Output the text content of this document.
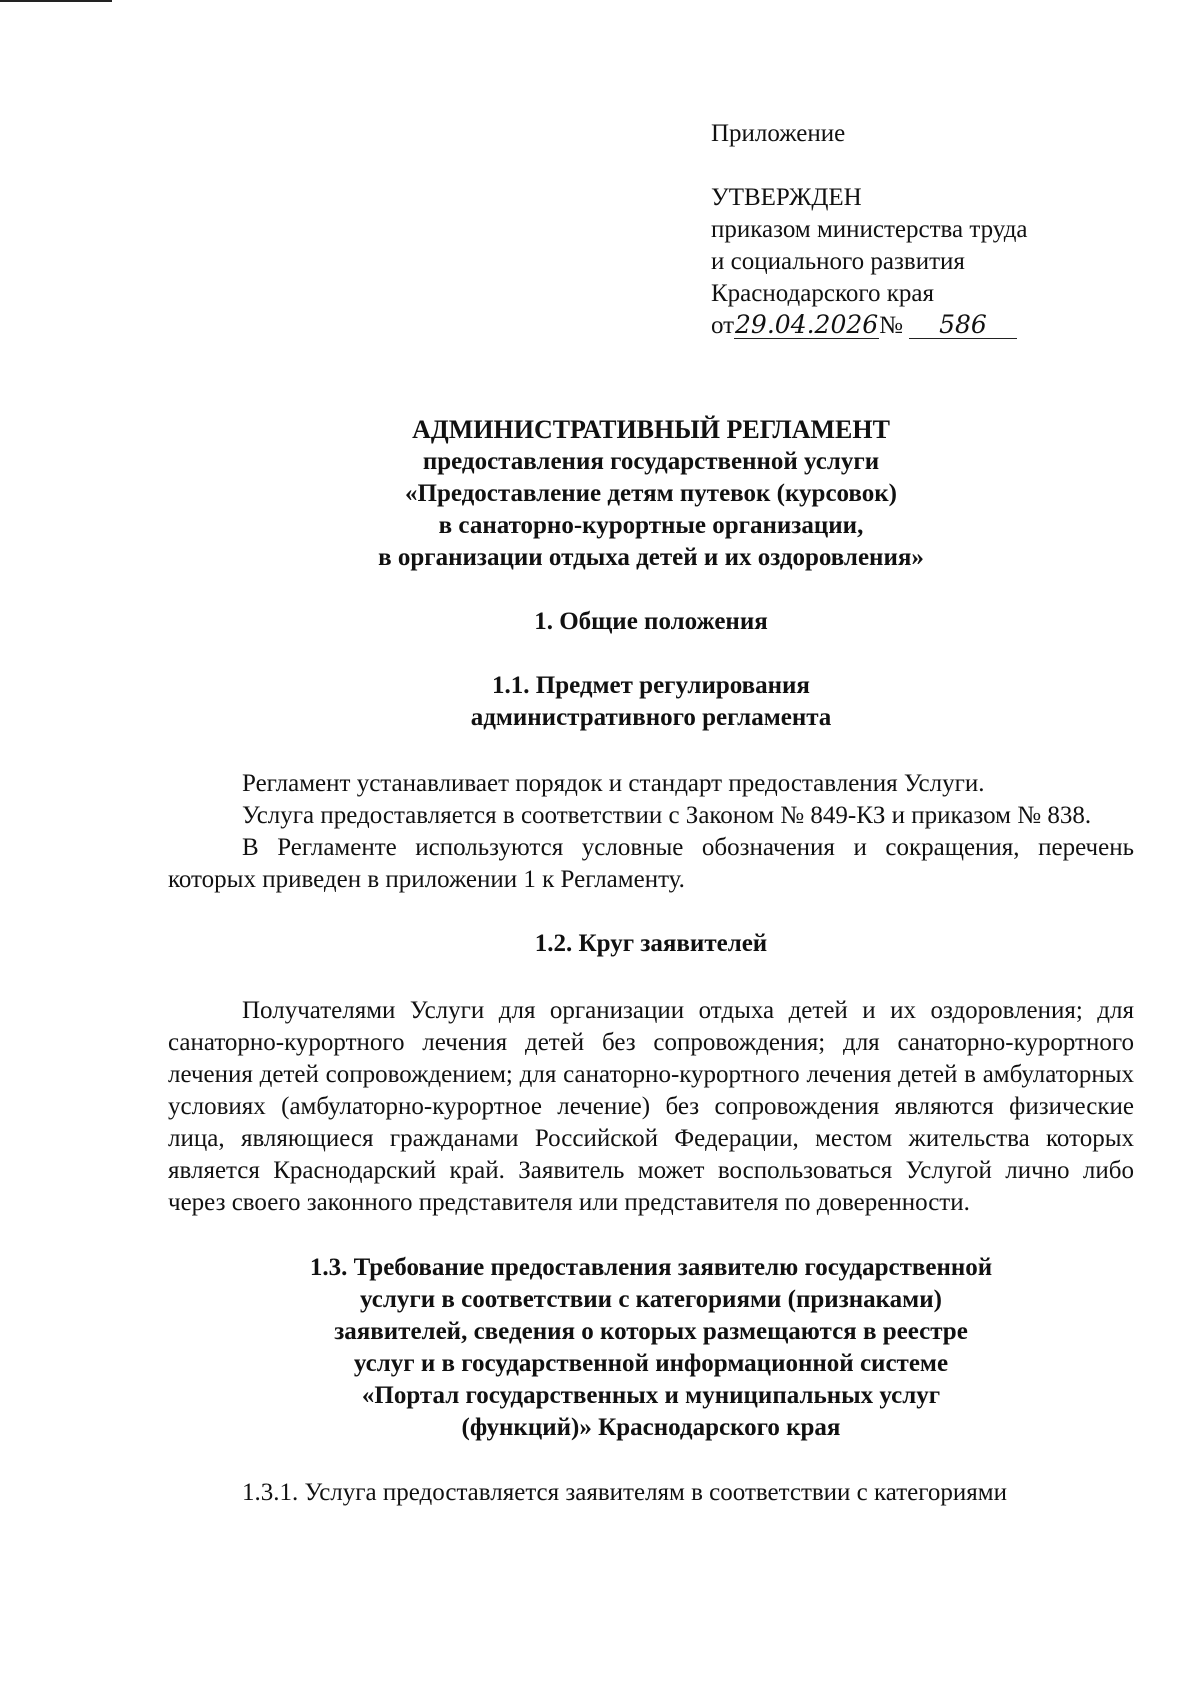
Приложение
УТВЕРЖДЕН
приказом министерства труда
и социального развития
Краснодарского края
от29.04.2026№ 586
АДМИНИСТРАТИВНЫЙ РЕГЛАМЕНТ
предоставления государственной услуги
«Предоставление детям путевок (курсовок)
в санаторно-курортные организации,
в организации отдыха детей и их оздоровления»
1. Общие положения
1.1. Предмет регулирования
административного регламента

Регламент устанавливает порядок и стандарт предоставления Услуги.

Услуга предоставляется в соответствии с Законом № 849-КЗ и приказом № 838.

В Регламенте используются условные обозначения и сокращения, перечень которых приведен в приложении 1 к Регламенту.

1.2. Круг заявителей

Получателями Услуги для организации отдыха детей и их оздоровления; для санаторно-курортного лечения детей без сопровождения; для санаторно-курортного лечения детей сопровождением; для санаторно-курортного лечения детей в амбулаторных условиях (амбулаторно-курортное лечение) без сопровождения являются физические лица, являющиеся гражданами Российской Федерации, местом жительства которых является Краснодарский край. Заявитель может воспользоваться Услугой лично либо через своего законного представителя или представителя по доверенности.

1.3. Требование предоставления заявителю государственной
услуги в соответствии с категориями (признаками)
заявителей, сведения о которых размещаются в реестре
услуг и в государственной информационной системе
«Портал государственных и муниципальных услуг
(функций)» Краснодарского края

1.3.1. Услуга предоставляется заявителям в соответствии с категориями
